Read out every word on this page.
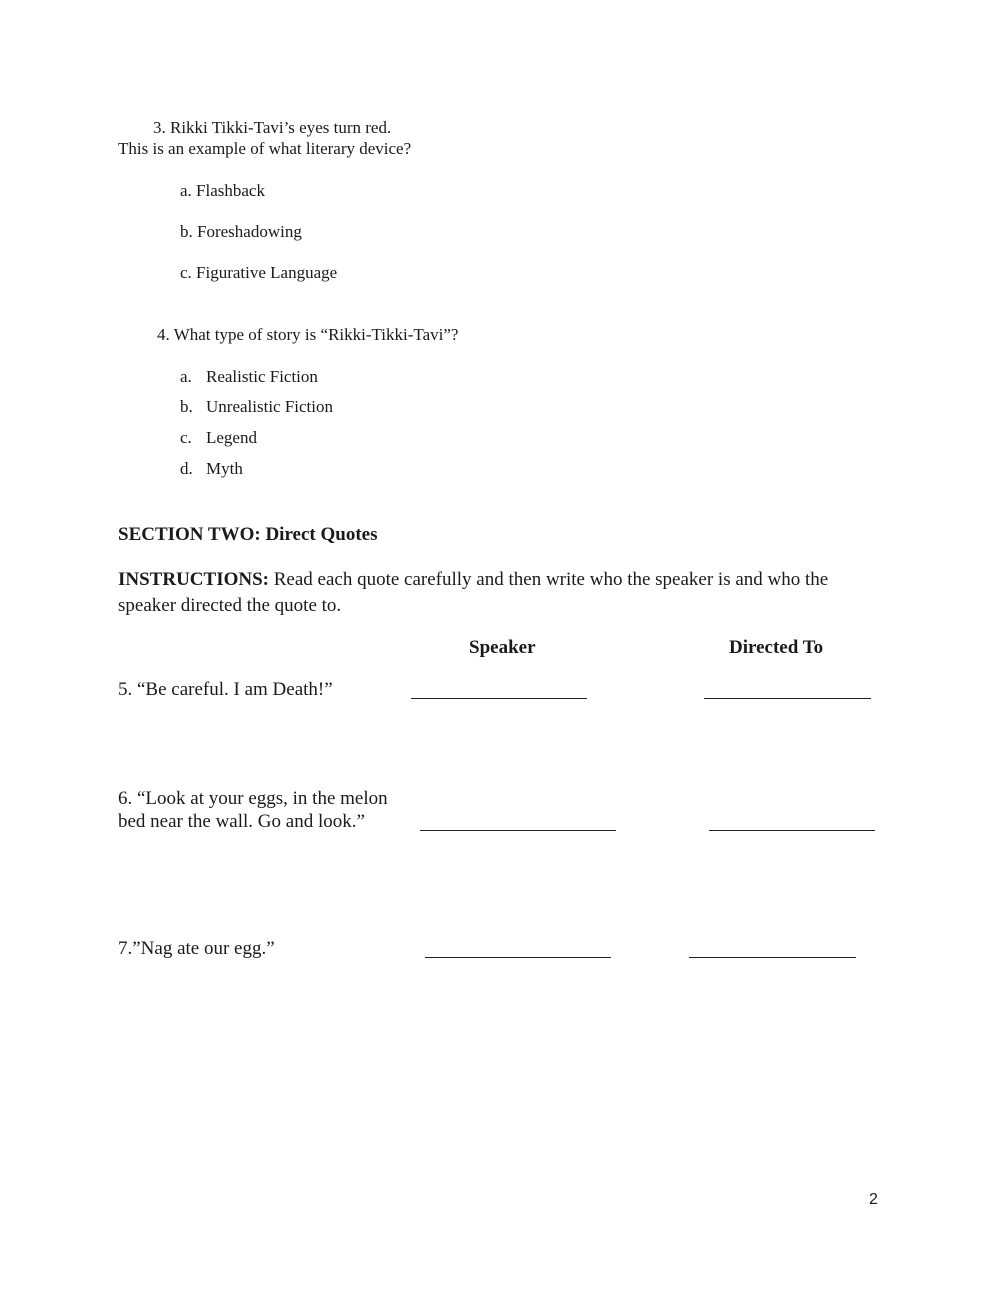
3. Rikki Tikki-Tavi’s eyes turn red.
This is an example of what literary device?
a. Flashback
b. Foreshadowing
c. Figurative Language
4. What type of story is “Rikki-Tikki-Tavi”?
a. Realistic Fiction
b. Unrealistic Fiction
c. Legend
d. Myth
SECTION TWO: Direct Quotes
INSTRUCTIONS: Read each quote carefully and then write who the speaker is and who the
speaker directed the quote to.
Speaker	Directed To
5. “Be careful. I am Death!”
6. “Look at your eggs, in the melon
bed near the wall. Go and look.”
7.”Nag ate our egg.”
2
